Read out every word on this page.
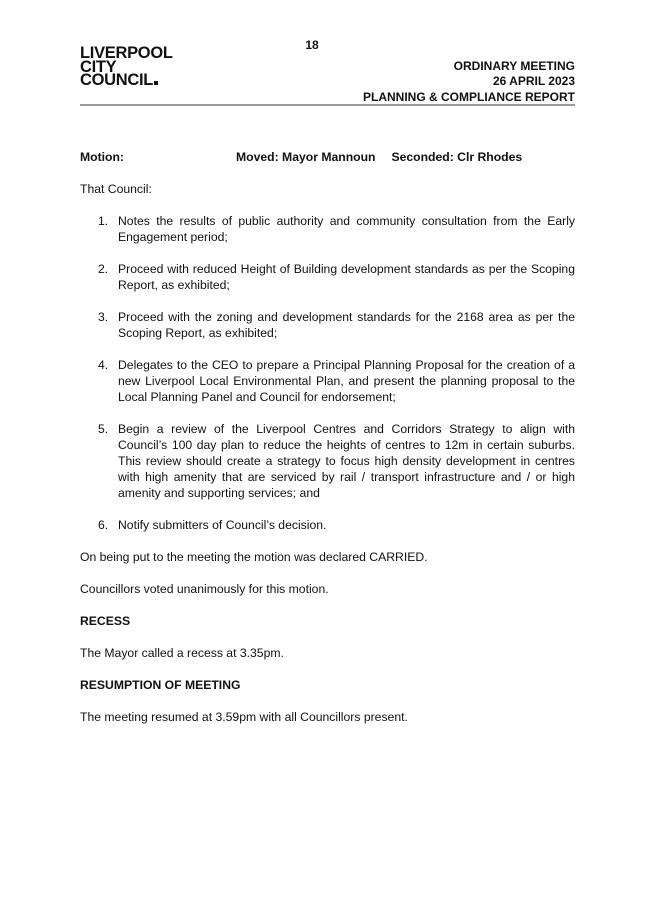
18
LIVERPOOL
CITY
COUNCIL
ORDINARY MEETING
26 APRIL 2023
PLANNING & COMPLIANCE REPORT
Motion:	Moved: Mayor Mannoun Seconded: Clr Rhodes

That Council:

1. Notes the results of public authority and community consultation from the Early Engagement period;
2. Proceed with reduced Height of Building development standards as per the Scoping Report, as exhibited;
3. Proceed with the zoning and development standards for the 2168 area as per the Scoping Report, as exhibited;
4. Delegates to the CEO to prepare a Principal Planning Proposal for the creation of a new Liverpool Local Environmental Plan, and present the planning proposal to the Local Planning Panel and Council for endorsement;
5. Begin a review of the Liverpool Centres and Corridors Strategy to align with Council’s 100 day plan to reduce the heights of centres to 12m in certain suburbs. This review should create a strategy to focus high density development in centres with high amenity that are serviced by rail / transport infrastructure and / or high amenity and supporting services; and
6. Notify submitters of Council’s decision.

On being put to the meeting the motion was declared CARRIED.

Councillors voted unanimously for this motion.

RECESS

The Mayor called a recess at 3.35pm.

RESUMPTION OF MEETING

The meeting resumed at 3.59pm with all Councillors present.
